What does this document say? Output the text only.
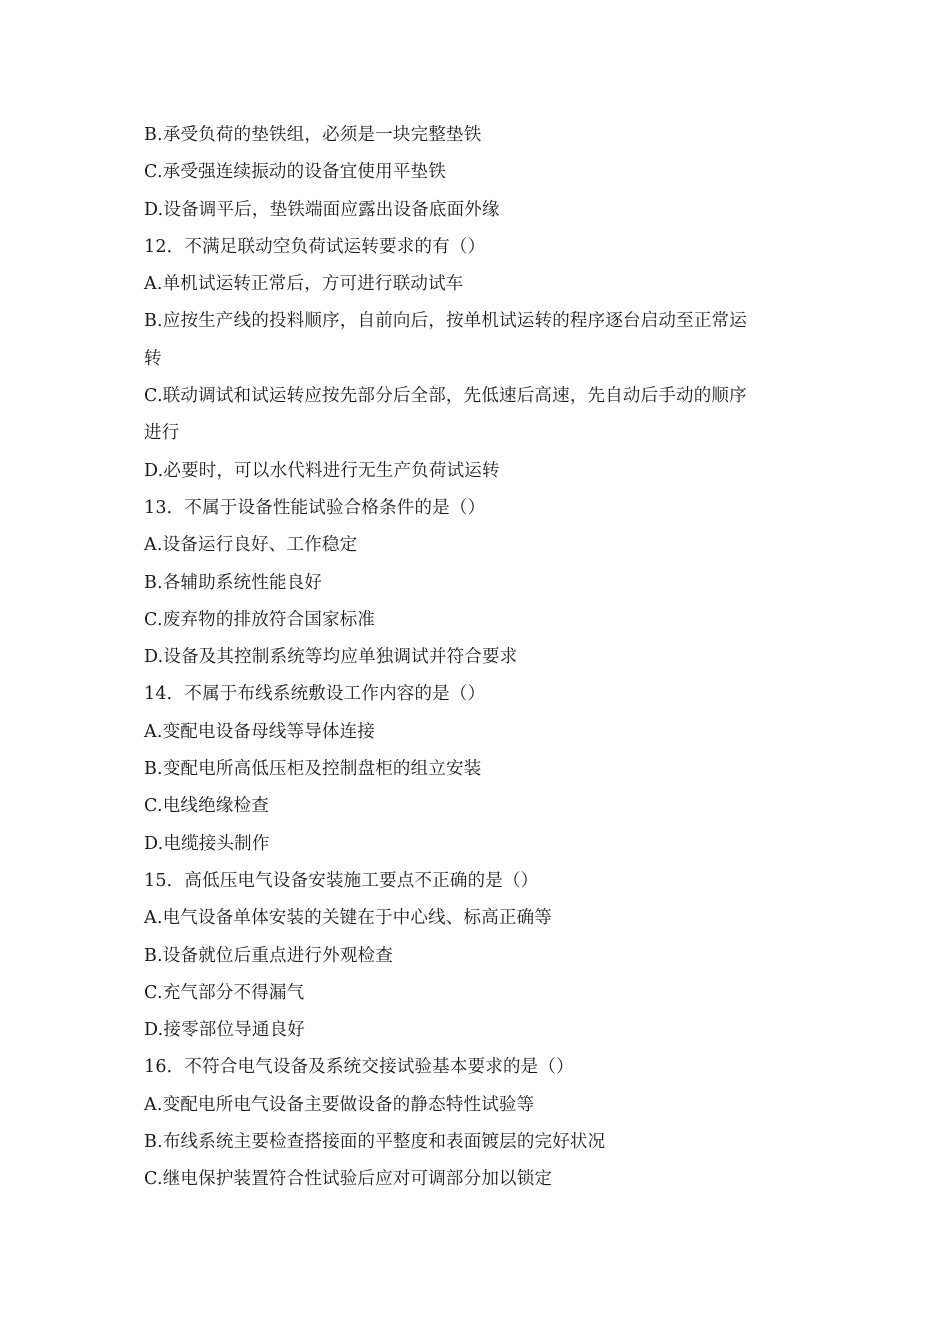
B.承受负荷的垫铁组，必须是一块完整垫铁
C.承受强连续振动的设备宜使用平垫铁
D.设备调平后，垫铁端面应露出设备底面外缘
12．不满足联动空负荷试运转要求的有（）
A.单机试运转正常后，方可进行联动试车
B.应按生产线的投料顺序，自前向后，按单机试运转的程序逐台启动至正常运
转
C.联动调试和试运转应按先部分后全部，先低速后高速，先自动后手动的顺序
进行
D.必要时，可以水代料进行无生产负荷试运转
13．不属于设备性能试验合格条件的是（）
A.设备运行良好、工作稳定
B.各辅助系统性能良好
C.废弃物的排放符合国家标准
D.设备及其控制系统等均应单独调试并符合要求
14．不属于布线系统敷设工作内容的是（）
A.变配电设备母线等导体连接
B.变配电所高低压柜及控制盘柜的组立安装
C.电线绝缘检查
D.电缆接头制作
15．高低压电气设备安装施工要点不正确的是（）
A.电气设备单体安装的关键在于中心线、标高正确等
B.设备就位后重点进行外观检查
C.充气部分不得漏气
D.接零部位导通良好
16．不符合电气设备及系统交接试验基本要求的是（）
A.变配电所电气设备主要做设备的静态特性试验等
B.布线系统主要检查搭接面的平整度和表面镀层的完好状况
C.继电保护装置符合性试验后应对可调部分加以锁定
